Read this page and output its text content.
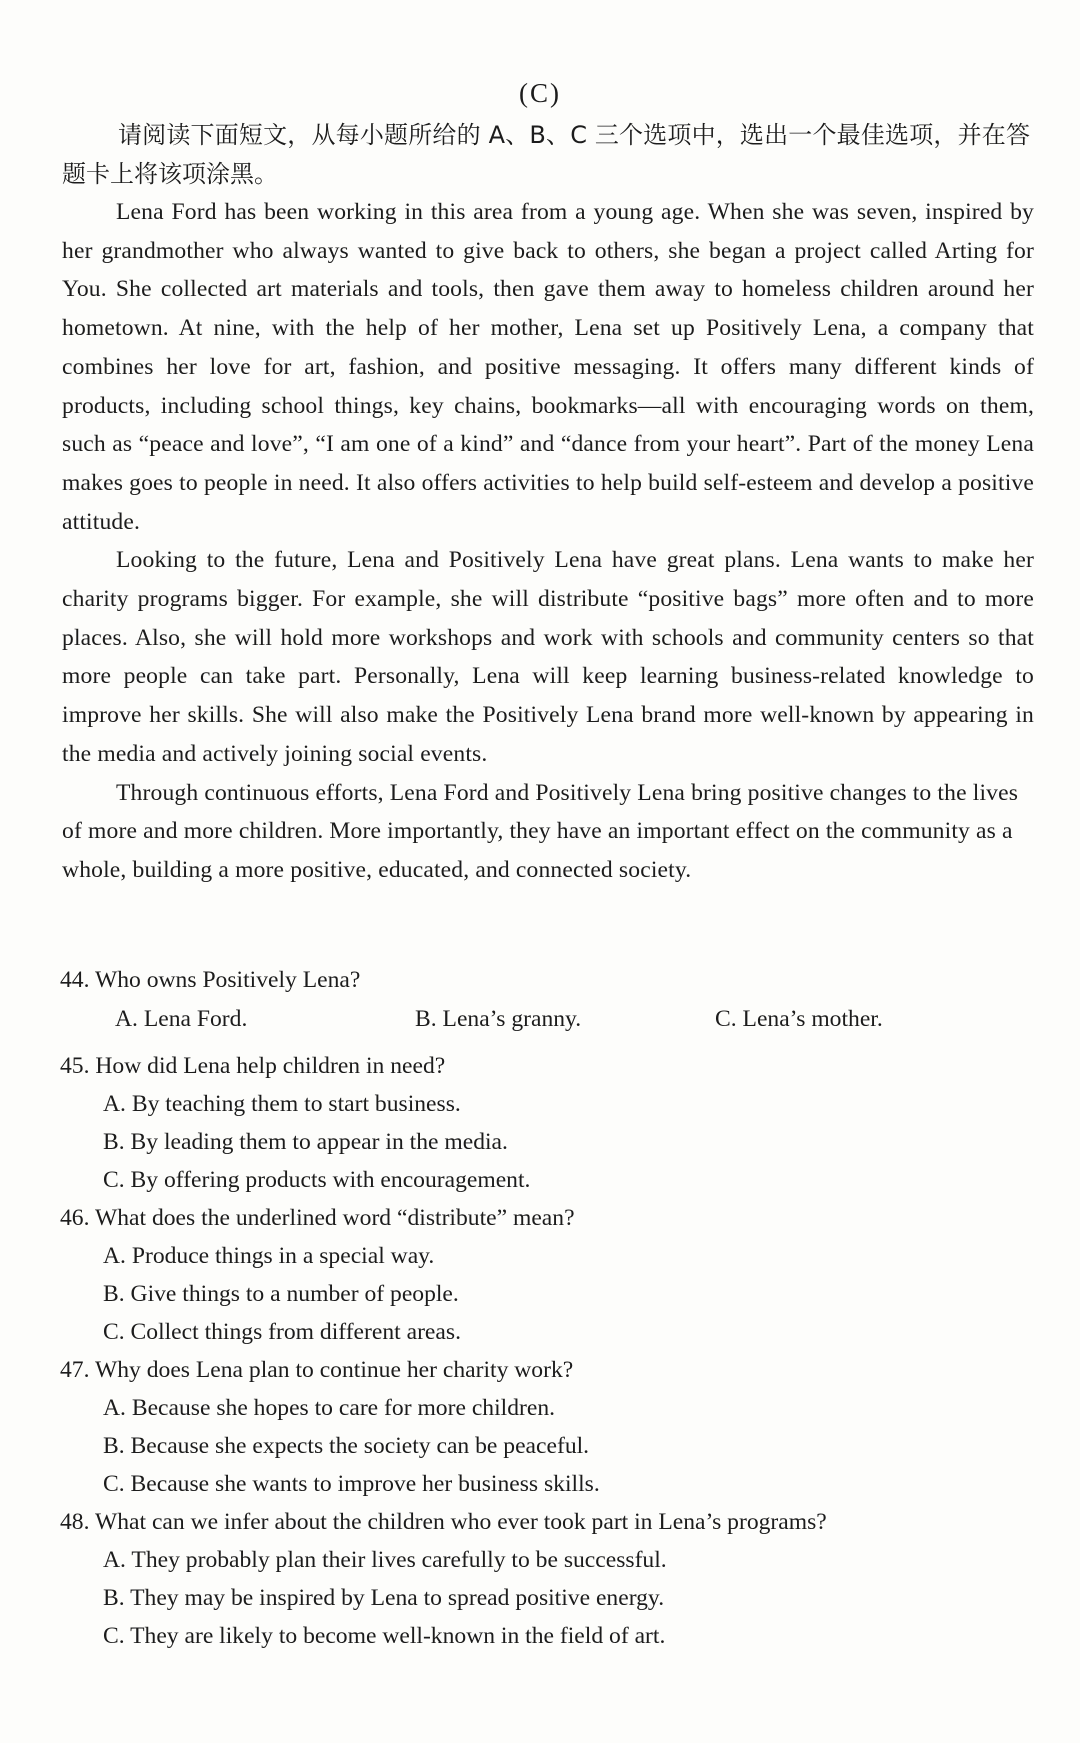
(C)
请阅读下面短文，从每小题所给的 A、B、C 三个选项中，选出一个最佳选项，并在答题卡上将该项涂黑。

Lena Ford has been working in this area from a young age. When she was seven, inspired by her grandmother who always wanted to give back to others, she began a project called Arting for You. She collected art materials and tools, then gave them away to homeless children around her hometown. At nine, with the help of her mother, Lena set up Positively Lena, a company that combines her love for art, fashion, and positive messaging. It offers many different kinds of products, including school things, key chains, bookmarks—all with encouraging words on them, such as “peace and love”, “I am one of a kind” and “dance from your heart”. Part of the money Lena makes goes to people in need. It also offers activities to help build self-esteem and develop a positive attitude.

Looking to the future, Lena and Positively Lena have great plans. Lena wants to make her charity programs bigger. For example, she will distribute “positive bags” more often and to more places. Also, she will hold more workshops and work with schools and community centers so that more people can take part. Personally, Lena will keep learning business-related knowledge to improve her skills. She will also make the Positively Lena brand more well-known by appearing in the media and actively joining social events.

Through continuous efforts, Lena Ford and Positively Lena bring positive changes to the lives of more and more children. More importantly, they have an important effect on the community as a whole, building a more positive, educated, and connected society.

44. Who owns Positively Lena?
A. Lena Ford.	B. Lena’s granny.	C. Lena’s mother.
45. How did Lena help children in need?
A. By teaching them to start business.
B. By leading them to appear in the media.
C. By offering products with encouragement.
46. What does the underlined word “distribute” mean?
A. Produce things in a special way.
B. Give things to a number of people.
C. Collect things from different areas.
47. Why does Lena plan to continue her charity work?
A. Because she hopes to care for more children.
B. Because she expects the society can be peaceful.
C. Because she wants to improve her business skills.
48. What can we infer about the children who ever took part in Lena’s programs?
A. They probably plan their lives carefully to be successful.
B. They may be inspired by Lena to spread positive energy.
C. They are likely to become well-known in the field of art.
